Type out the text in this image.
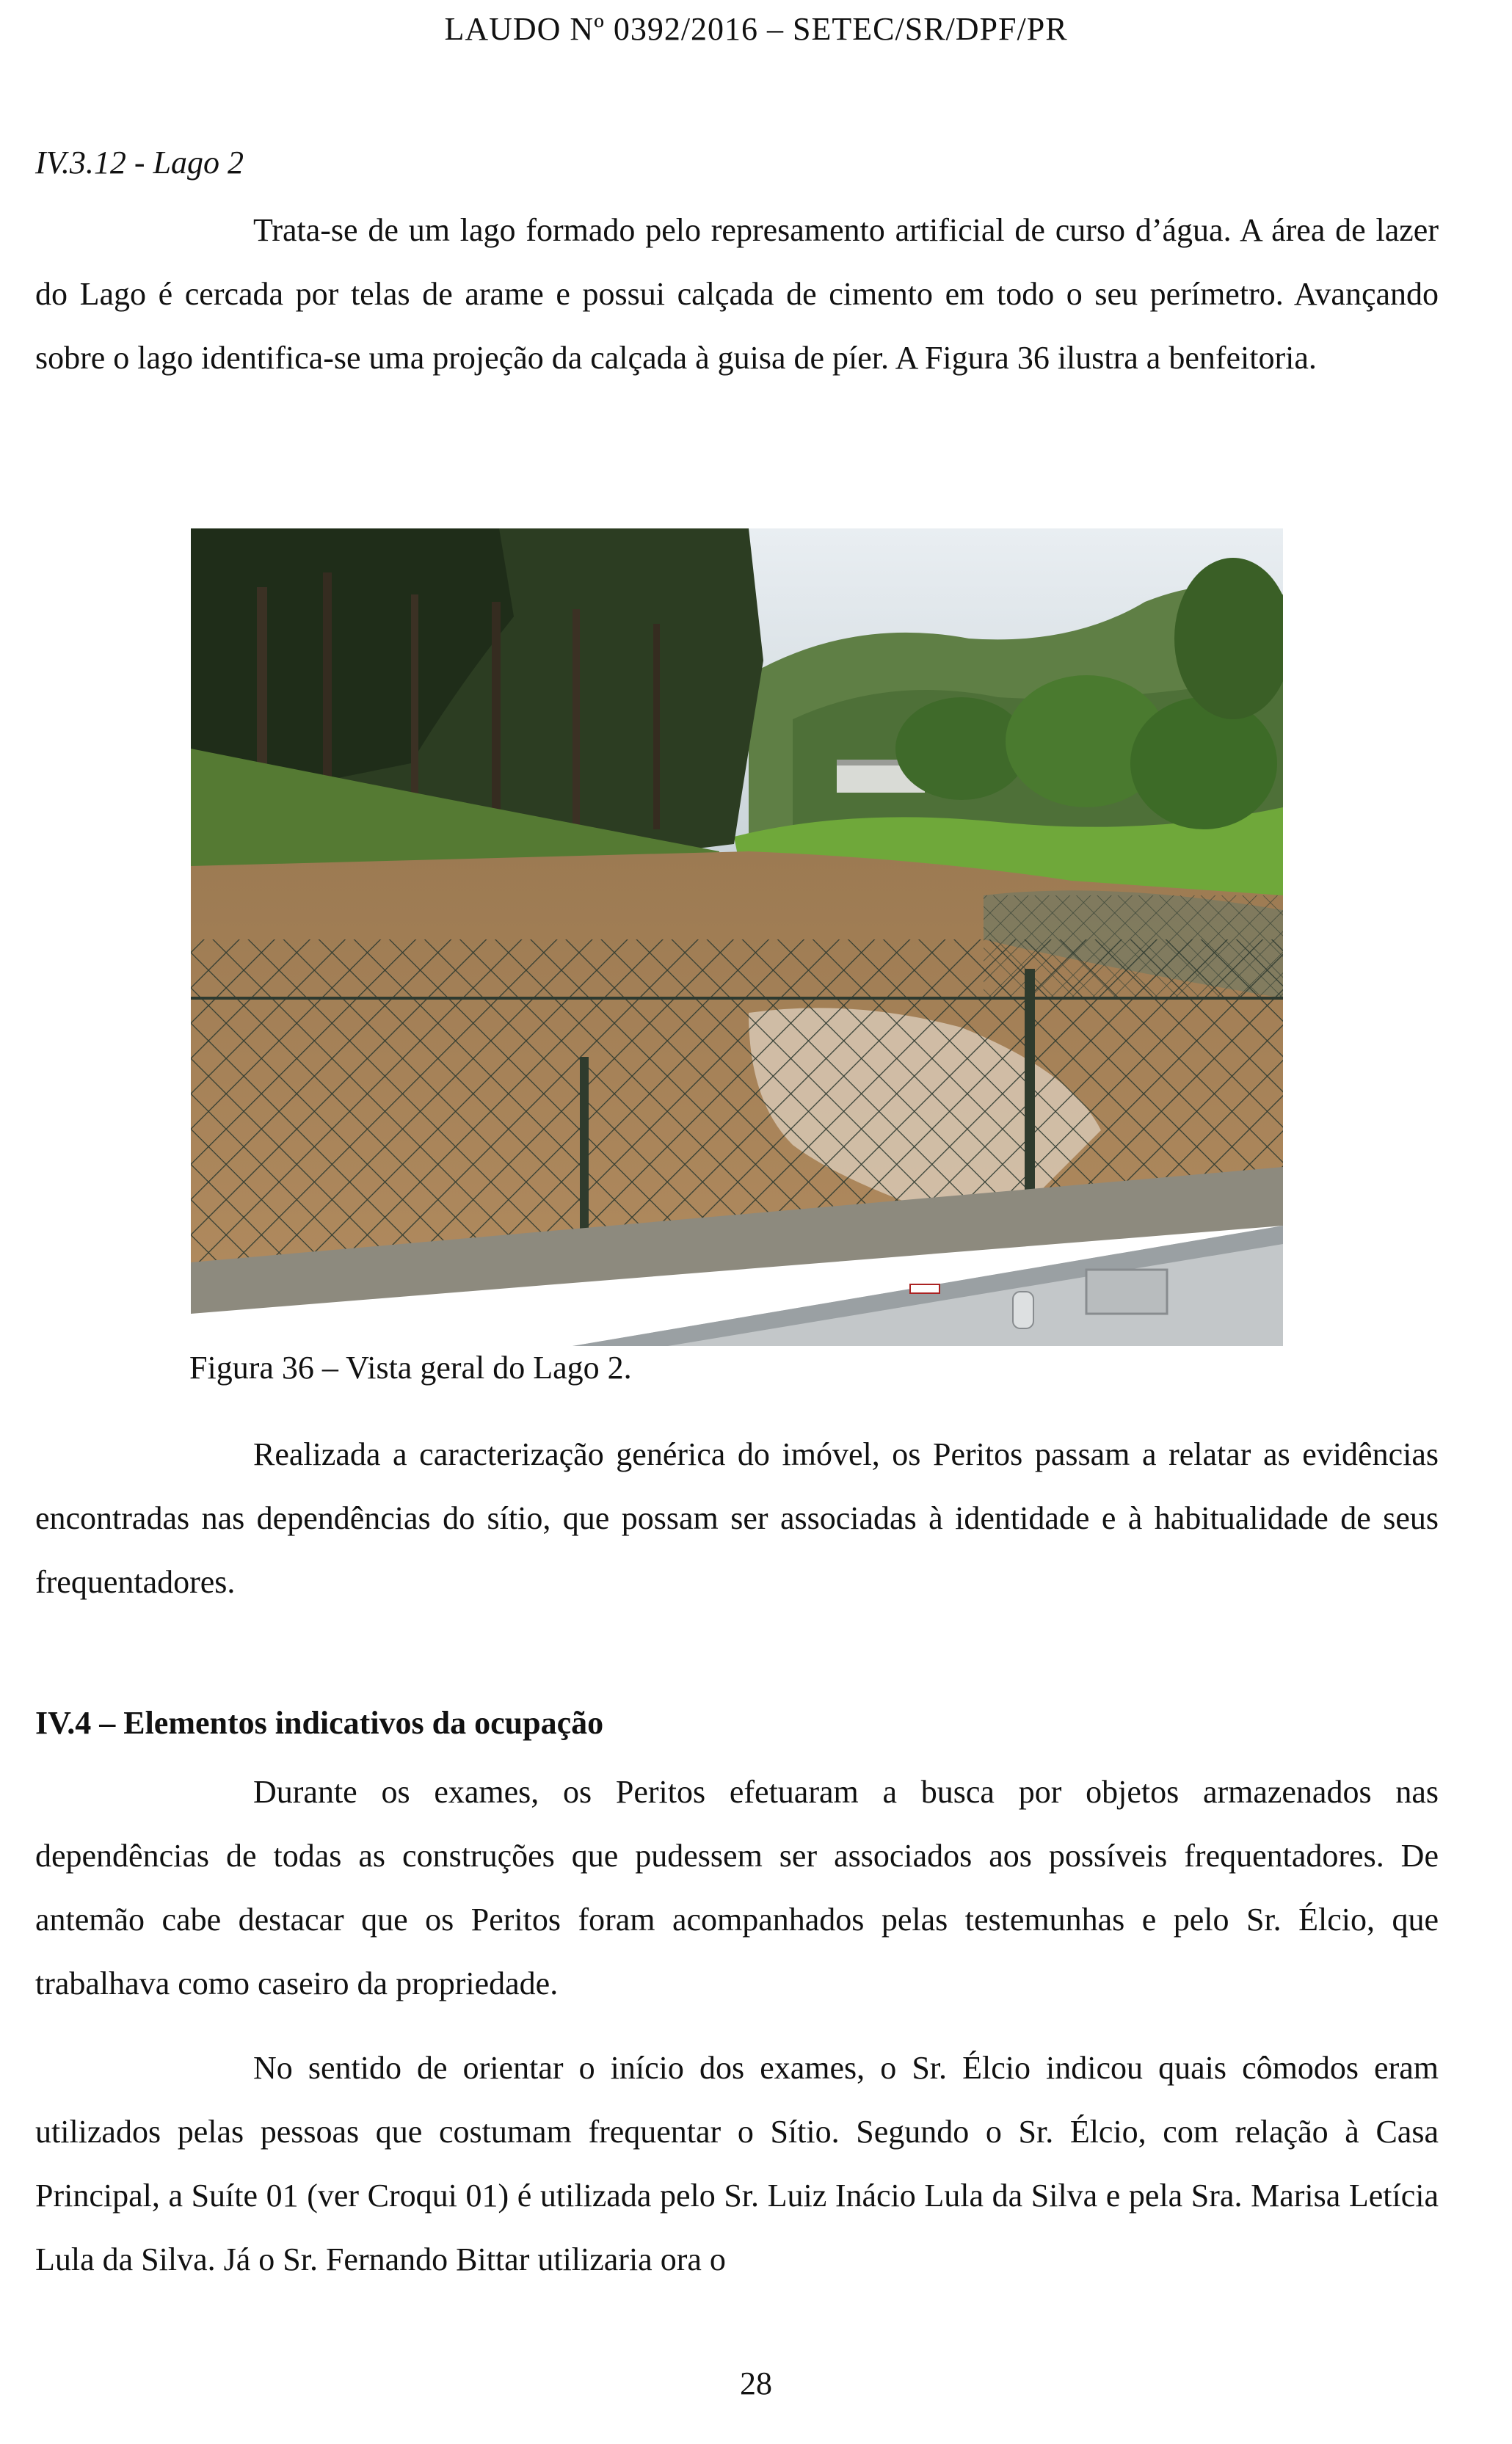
LAUDO Nº 0392/2016 – SETEC/SR/DPF/PR
IV.3.12 - Lago 2
Trata-se de um lago formado pelo represamento artificial de curso d’água. A área de lazer do Lago é cercada por telas de arame e possui calçada de cimento em todo o seu perímetro. Avançando sobre o lago identifica-se uma projeção da calçada à guisa de píer. A Figura 36 ilustra a benfeitoria.
Figura 36 – Vista geral do Lago 2.
Realizada a caracterização genérica do imóvel, os Peritos passam a relatar as evidências encontradas nas dependências do sítio, que possam ser associadas à identidade e à habitualidade de seus frequentadores.
IV.4 – Elementos indicativos da ocupação
Durante os exames, os Peritos efetuaram a busca por objetos armazenados nas dependências de todas as construções que pudessem ser associados aos possíveis frequentadores. De antemão cabe destacar que os Peritos foram acompanhados pelas testemunhas e pelo Sr. Élcio, que trabalhava como caseiro da propriedade.
No sentido de orientar o início dos exames, o Sr. Élcio indicou quais cômodos eram utilizados pelas pessoas que costumam frequentar o Sítio. Segundo o Sr. Élcio, com relação à Casa Principal, a Suíte 01 (ver Croqui 01) é utilizada pelo Sr. Luiz Inácio Lula da Silva e pela Sra. Marisa Letícia Lula da Silva. Já o Sr. Fernando Bittar utilizaria ora o
28
